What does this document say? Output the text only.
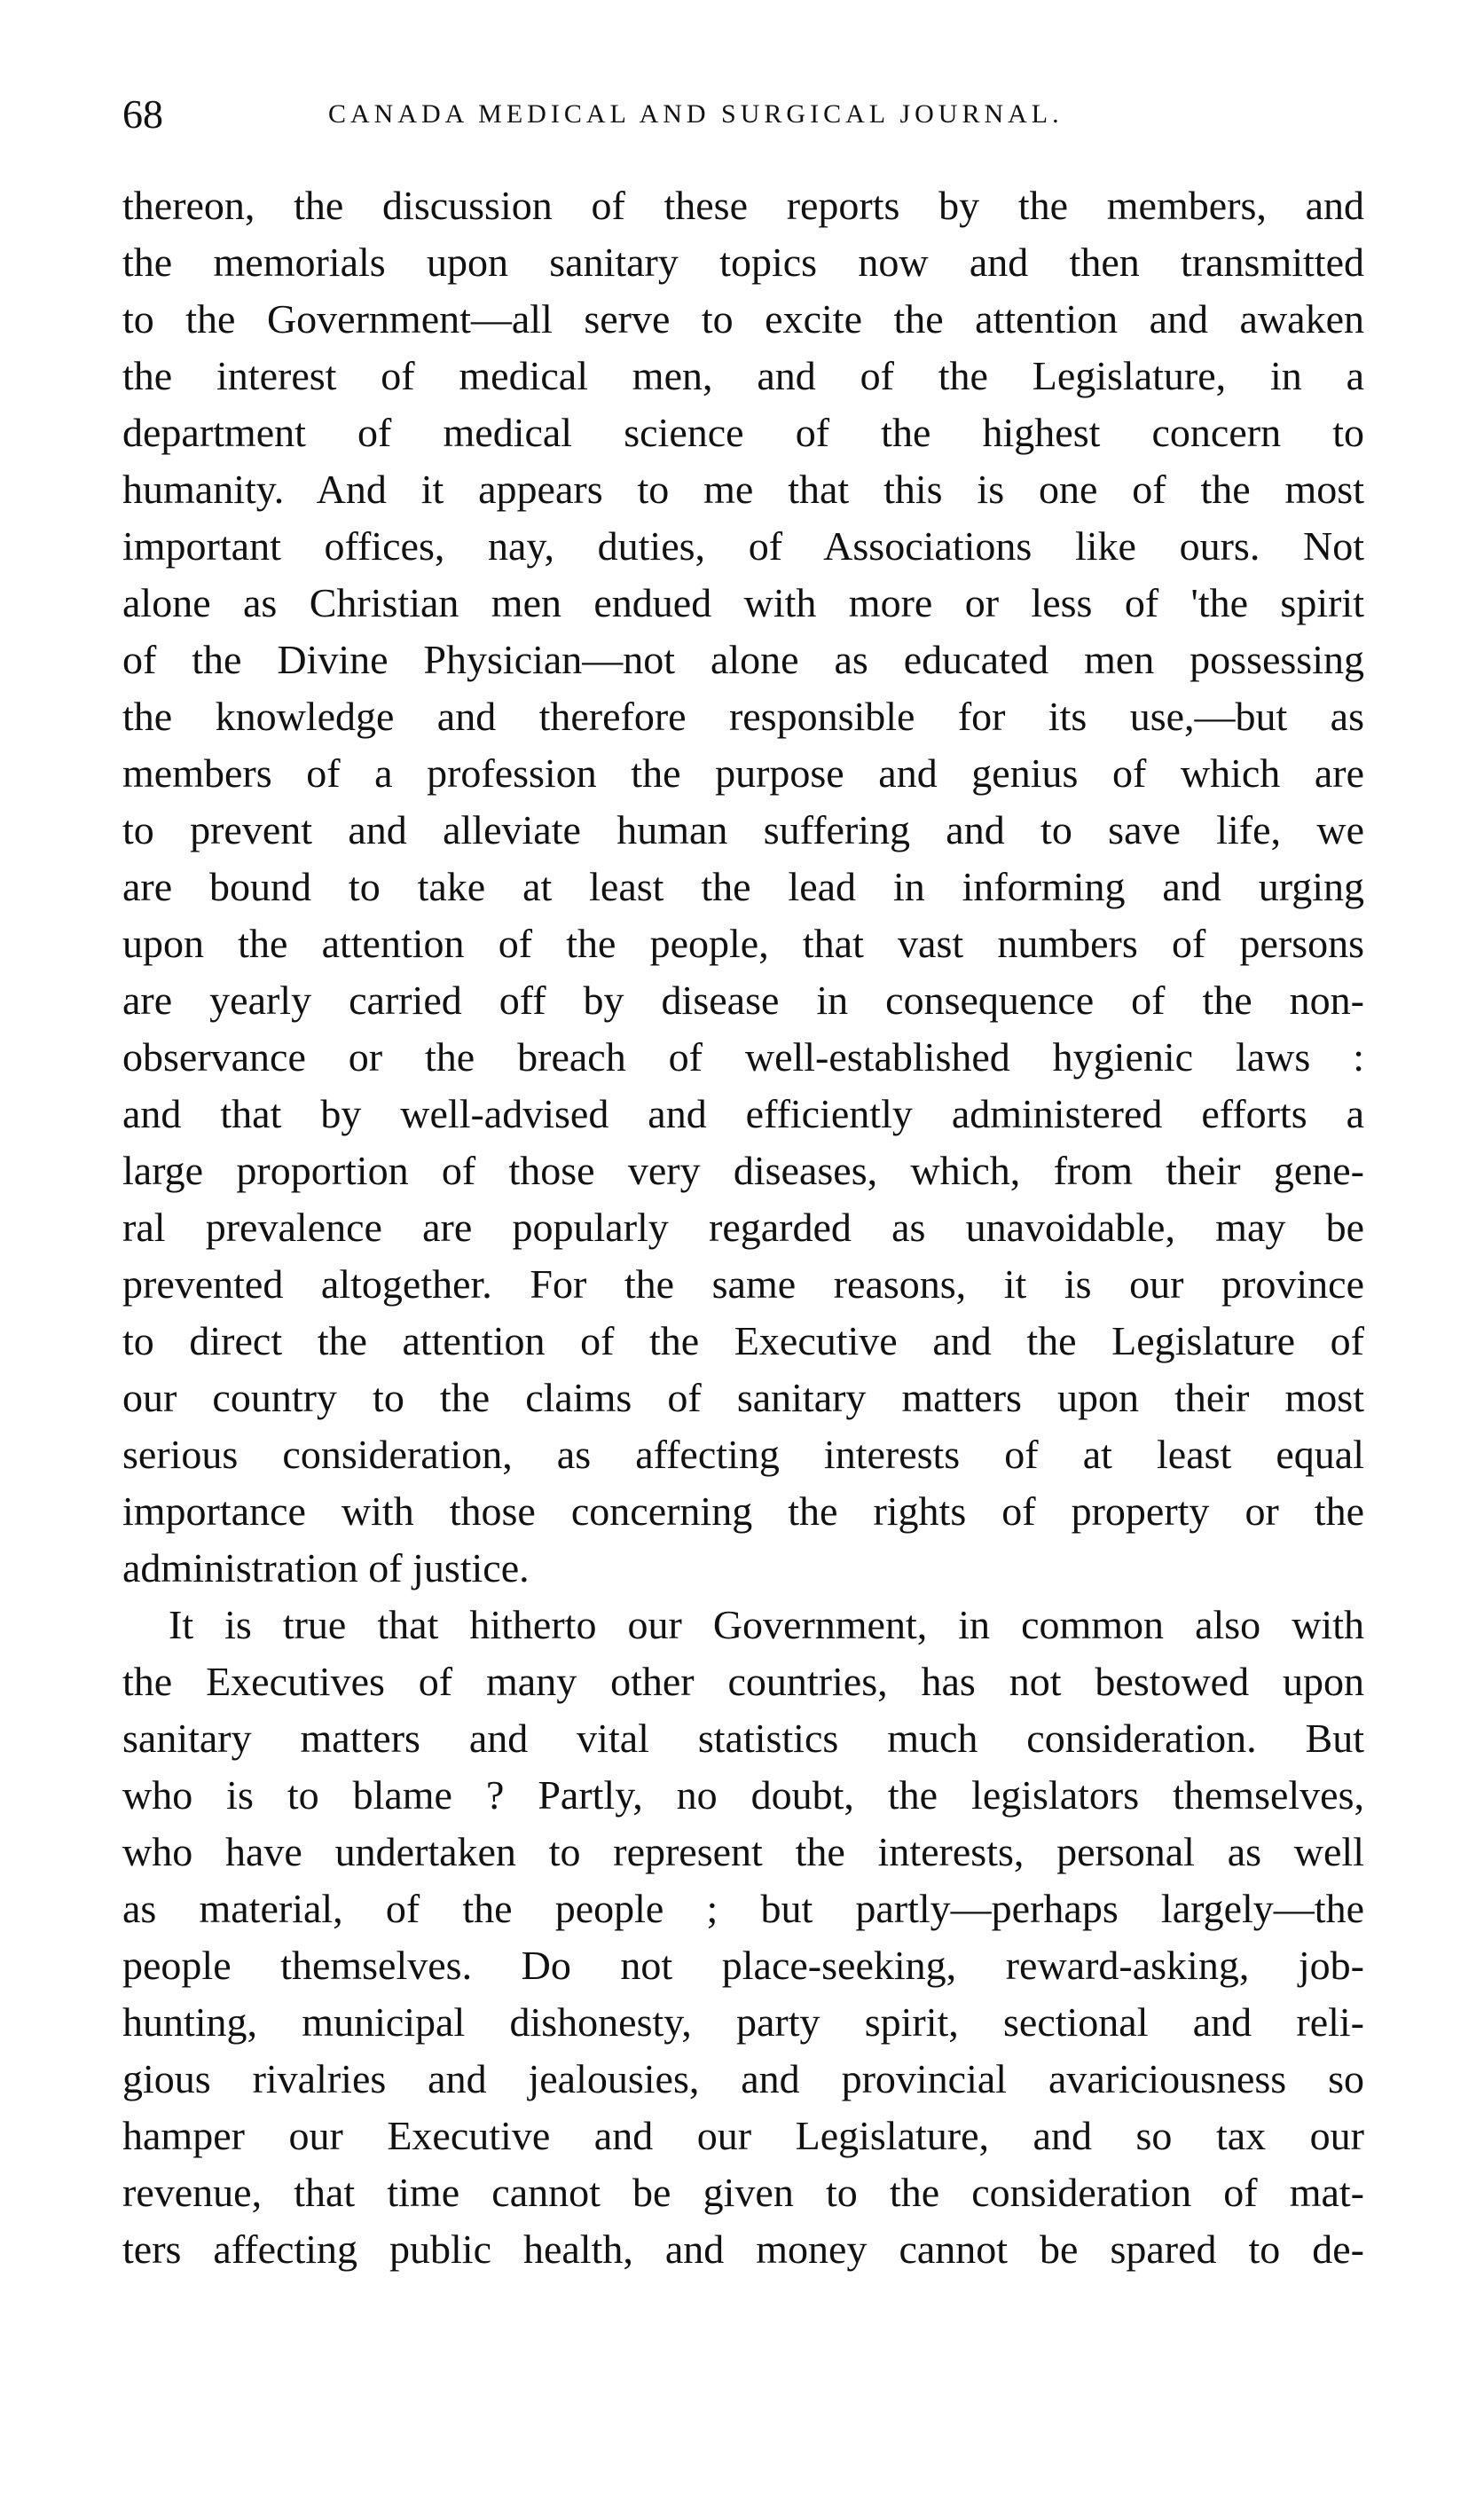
68	CANADA MEDICAL AND SURGICAL JOURNAL.
thereon, the discussion of these reports by the members, and
the memorials upon sanitary topics now and then transmitted
to the Government—all serve to excite the attention and awaken
the interest of medical men, and of the Legislature, in a
department of medical science of the highest concern to
humanity. And it appears to me that this is one of the most
important offices, nay, duties, of Associations like ours. Not
alone as Christian men endued with more or less of 'the spirit
of the Divine Physician—not alone as educated men possessing
the knowledge and therefore responsible for its use,—but as
members of a profession the purpose and genius of which are
to prevent and alleviate human suffering and to save life, we
are bound to take at least the lead in informing and urging
upon the attention of the people, that vast numbers of persons
are yearly carried off by disease in consequence of the non-
observance or the breach of well-established hygienic laws :
and that by well-advised and efficiently administered efforts a
large proportion of those very diseases, which, from their gene-
ral prevalence are popularly regarded as unavoidable, may be
prevented altogether. For the same reasons, it is our province
to direct the attention of the Executive and the Legislature of
our country to the claims of sanitary matters upon their most
serious consideration, as affecting interests of at least equal
importance with those concerning the rights of property or the
administration of justice.
It is true that hitherto our Government, in common also with
the Executives of many other countries, has not bestowed upon
sanitary matters and vital statistics much consideration. But
who is to blame ? Partly, no doubt, the legislators themselves,
who have undertaken to represent the interests, personal as well
as material, of the people ; but partly—perhaps largely—the
people themselves. Do not place-seeking, reward-asking, job-
hunting, municipal dishonesty, party spirit, sectional and reli-
gious rivalries and jealousies, and provincial avariciousness so
hamper our Executive and our Legislature, and so tax our
revenue, that time cannot be given to the consideration of mat-
ters affecting public health, and money cannot be spared to de-
